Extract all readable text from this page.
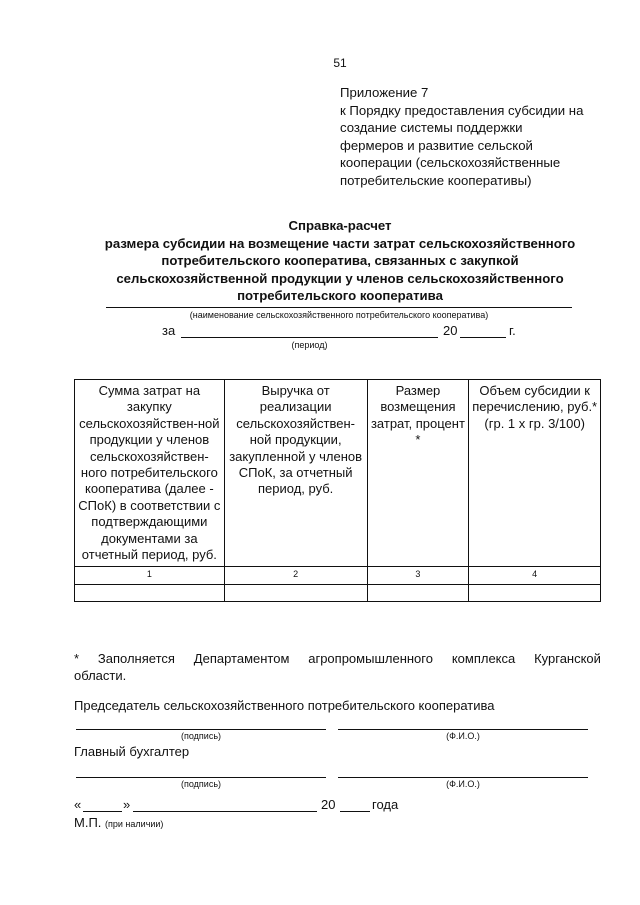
51
Приложение 7
к Порядку предоставления субсидии на
создание системы поддержки
фермеров и развитие сельской
кооперации (сельскохозяйственные
потребительские кооперативы)
Справка-расчет
размера субсидии на возмещение части затрат сельскохозяйственного
потребительского кооператива, связанных с закупкой
сельскохозяйственной продукции у членов сельскохозяйственного
потребительского кооператива
(наименование сельскохозяйственного потребительского кооператива)
за	20	г.
(период)
Сумма затрат на закупку сельскохозяйствен-ной продукции у членов сельскохозяйствен-ного потребительского кооператива (далее - СПоК) в соответствии с подтверждающими документами за отчетный период, руб.	Выручка от реализации сельскохозяйствен-ной продукции, закупленной у членов СПоК, за отчетный период, руб.	Размер возмещения затрат, процент *	Объем субсидии к перечислению, руб.* (гр. 1 х гр. 3/100)
1	2	3	4

* Заполняется Департаментом агропромышленного комплекса Курганской
области.
Председатель сельскохозяйственного потребительского кооператива
(подпись)	(Ф.И.О.)
Главный бухгалтер
(подпись)	(Ф.И.О.)
«	»	20	года
М.П. (при наличии)
